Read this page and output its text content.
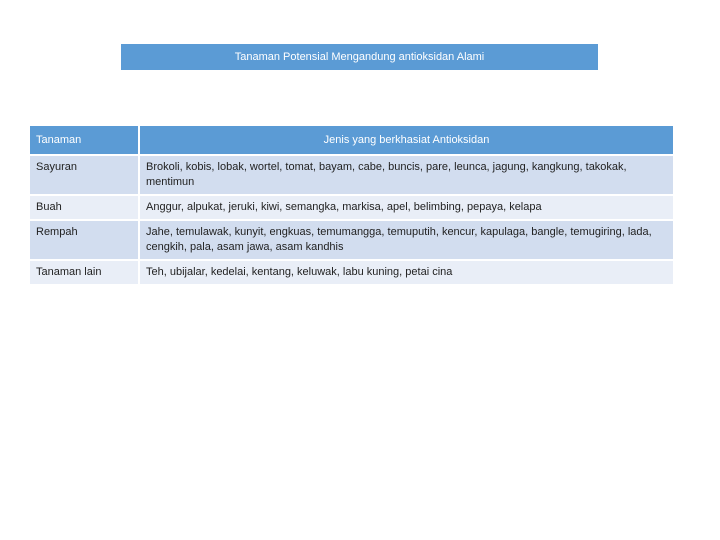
Tanaman Potensial Mengandung antioksidan Alami
Tanaman	Jenis yang berkhasiat Antioksidan
Sayuran	Brokoli, kobis, lobak, wortel, tomat, bayam, cabe, buncis, pare, leunca, jagung, kangkung, takokak, mentimun
Buah	Anggur, alpukat, jeruki, kiwi, semangka, markisa, apel, belimbing, pepaya, kelapa
Rempah	Jahe, temulawak, kunyit, engkuas, temumangga, temuputih, kencur, kapulaga, bangle, temugiring, lada, cengkih, pala, asam jawa, asam kandhis
Tanaman lain	Teh, ubijalar, kedelai, kentang, keluwak, labu kuning, petai cina
